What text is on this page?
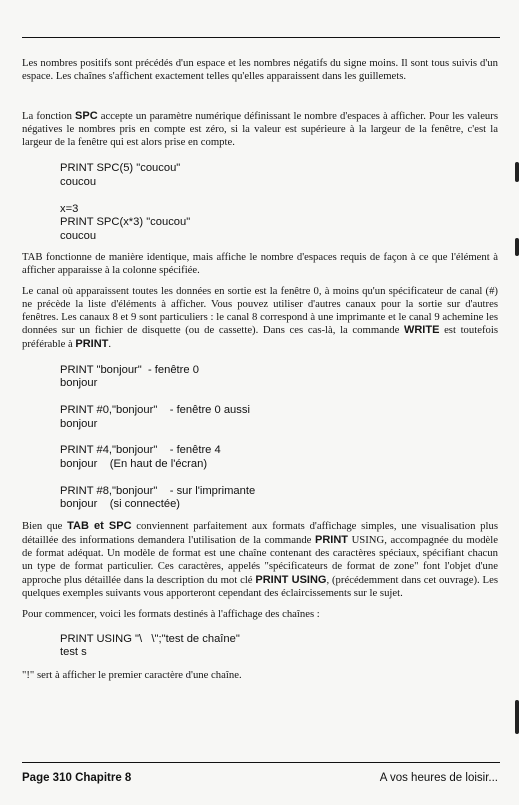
Les nombres positifs sont précédés d'un espace et les nombres négatifs du signe moins. Il sont tous suivis d'un espace. Les chaînes s'affichent exactement telles qu'elles apparaissent dans les guillemets.

La fonction SPC accepte un paramètre numérique définissant le nombre d'espaces à afficher. Pour les valeurs négatives le nombres pris en compte est zéro, si la valeur est supérieure à la largeur de la fenêtre, c'est la largeur de la fenêtre qui est alors prise en compte.

PRINT SPC(5) "coucou"
coucou

x=3
PRINT SPC(x*3) "coucou"
coucou

TAB fonctionne de manière identique, mais affiche le nombre d'espaces requis de façon à ce que l'élément à afficher apparaisse à la colonne spécifiée.

Le canal où apparaissent toutes les données en sortie est la fenêtre 0, à moins qu'un spécificateur de canal (#) ne précède la liste d'éléments à afficher. Vous pouvez utiliser d'autres canaux pour la sortie sur d'autres fenêtres. Les canaux 8 et 9 sont particuliers : le canal 8 correspond à une imprimante et le canal 9 achemine les données sur un fichier de disquette (ou de cassette). Dans ces cas-là, la commande WRITE est toutefois préférable à PRINT.

PRINT "bonjour" - fenêtre 0
bonjour

PRINT #0,"bonjour" - fenêtre 0 aussi
bonjour

PRINT #4,"bonjour" - fenêtre 4
bonjour (En haut de l'écran)

PRINT #8,"bonjour" - sur l'imprimante
bonjour (si connectée)

Bien que TAB et SPC conviennent parfaitement aux formats d'affichage simples, une visualisation plus détaillée des informations demandera l'utilisation de la commande PRINT USING, accompagnée du modèle de format adéquat. Un modèle de format est une chaîne contenant des caractères spéciaux, spécifiant chacun un type de format particulier. Ces caractères, appelés "spécificateurs de format de zone" font l'objet d'une approche plus détaillée dans la description du mot clé PRINT USING, (précédemment dans cet ouvrage). Les quelques exemples suivants vous apporteront cependant des éclaircissements sur le sujet.

Pour commencer, voici les formats destinés à l'affichage des chaînes :

PRINT USING "\   \";"test de chaîne"
test s

"!" sert à afficher le premier caractère d'une chaîne.

Page 310 Chapitre 8	A vos heures de loisir...
